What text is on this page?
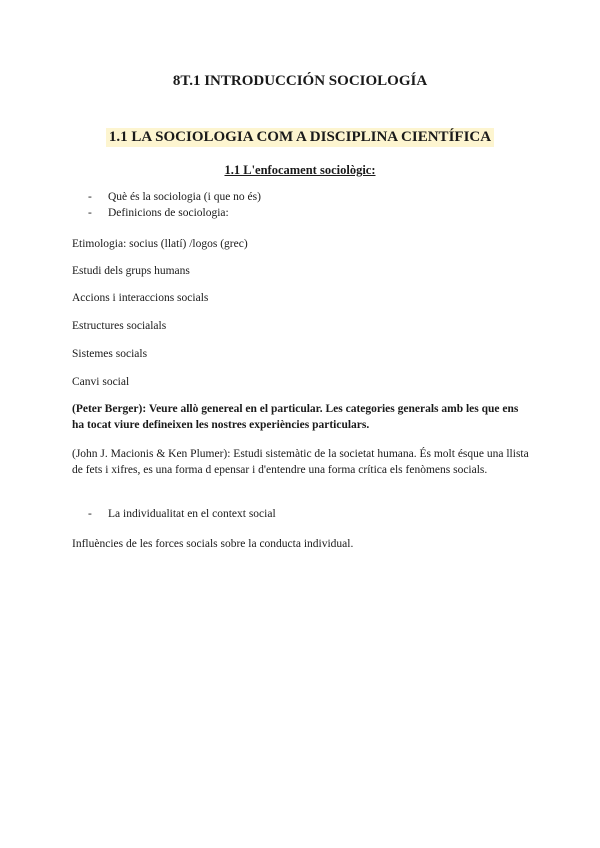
8T.1 INTRODUCCIÓN SOCIOLOGÍA
1.1 LA SOCIOLOGIA COM A DISCIPLINA CIENTÍFICA
1.1 L'enfocament sociològic:
- Què és la sociologia (i que no és)
- Definicions de sociologia:

Etimologia: socius (llatí) /logos (grec)

Estudi dels grups humans

Accions i interaccions socials

Estructures socialals

Sistemes socials

Canvi social

(Peter Berger): Veure allò genereal en el particular. Les categories generals amb les que ens ha tocat viure defineixen les nostres experiències particulars.

(John J. Macionis & Ken Plumer): Estudi sistemàtic de la societat humana. És molt ésque una llista de fets i xifres, es una forma d epensar i d'entendre una forma crítica els fenòmens socials.

- La individualitat en el context social

Influències de les forces socials sobre la conducta individual.
